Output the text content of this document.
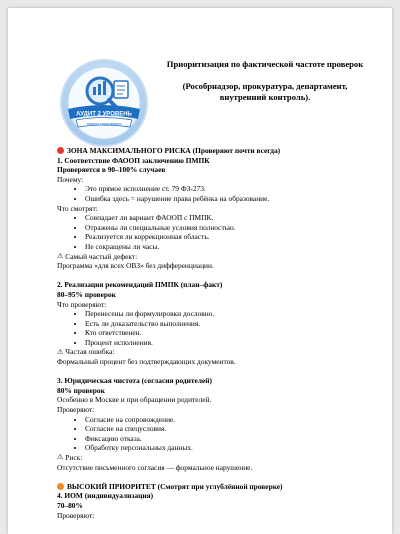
АУДИТ 2 УРОВЕНЬ
анализ содержания
Приоритизация по фактической частоте проверок
(Рособрнадзор, прокуратура, департамент,
внутренний контроль).
ЗОНА МАКСИМАЛЬНОГО РИСКА (Проверяют почти всегда)
1. Соответствие ФАООП заключению ПМПК
Проверяется в 90–100% случаев
Почему:
• Это прямое исполнение ст. 79 ФЗ-273.
• Ошибка здесь = нарушение права ребёнка на образование.
Что смотрят:
• Совпадает ли вариант ФАООП с ПМПК.
• Отражены ли специальные условия полностью.
• Реализуется ли коррекционная область.
• Не сокращены ли часы.
⚠ Самый частый дефект:
Программа «для всех ОВЗ» без дифференциации.
2. Реализация рекомендаций ПМПК (план–факт)
80–95% проверок
Что проверяют:
• Перенесены ли формулировки дословно.
• Есть ли доказательство выполнения.
• Кто ответственен.
• Процент исполнения.
⚠ Частая ошибка:
Формальный процент без подтверждающих документов.
3. Юридическая чистота (согласия родителей)
80% проверок
Особенно в Москве и при обращении родителей.
Проверяют:
• Согласие на сопровождение.
• Согласие на спецусловия.
• Фиксацию отказа.
• Обработку персональных данных.
⚠ Риск:
Отсутствие письменного согласия — формальное нарушение.
ВЫСОКИЙ ПРИОРИТЕТ (Смотрят при углублённой проверке)
4. ИОМ (индивидуализация)
70–80%
Проверяют:
